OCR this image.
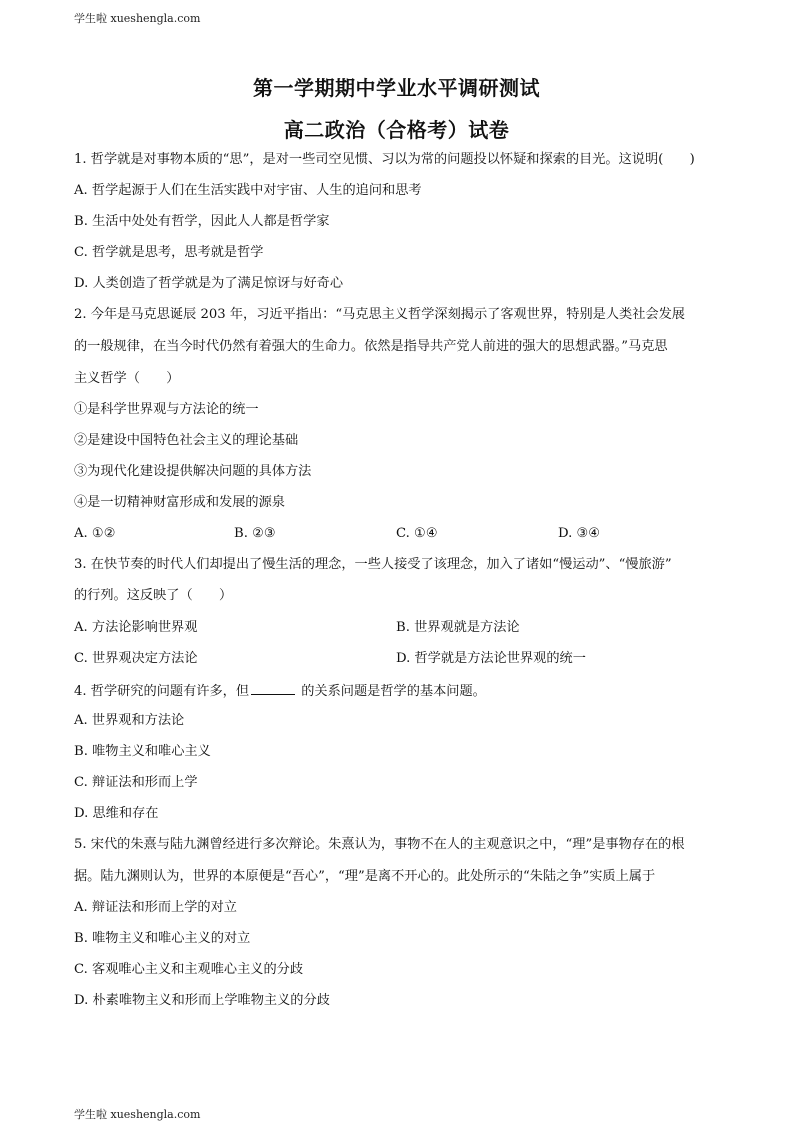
学生啦 xueshengla.com
第一学期期中学业水平调研测试
高二政治（合格考）试卷
1. 哲学就是对事物本质的“思”，是对一些司空见惯、习以为常的问题投以怀疑和探索的目光。这说明(　　)
A. 哲学起源于人们在生活实践中对宇宙、人生的追问和思考
B. 生活中处处有哲学，因此人人都是哲学家
C. 哲学就是思考，思考就是哲学
D. 人类创造了哲学就是为了满足惊讶与好奇心
2. 今年是马克思诞辰 203 年，习近平指出：“马克思主义哲学深刻揭示了客观世界，特别是人类社会发展
的一般规律，在当今时代仍然有着强大的生命力。依然是指导共产党人前进的强大的思想武器。”马克思
主义哲学（　　）
①是科学世界观与方法论的统一
②是建设中国特色社会主义的理论基础
③为现代化建设提供解决问题的具体方法
④是一切精神财富形成和发展的源泉
A. ①②	B. ②③	C. ①④	D. ③④
3. 在快节奏的时代人们却提出了慢生活的理念，一些人接受了该理念，加入了诸如“慢运动”、“慢旅游”
的行列。这反映了（　　）
A. 方法论影响世界观	B. 世界观就是方法论
C. 世界观决定方法论	D. 哲学就是方法论世界观的统一
4. 哲学研究的问题有许多，但	的关系问题是哲学的基本问题。
A. 世界观和方法论
B. 唯物主义和唯心主义
C. 辩证法和形而上学
D. 思维和存在
5. 宋代的朱熹与陆九渊曾经进行多次辩论。朱熹认为，事物不在人的主观意识之中，“理”是事物存在的根
据。陆九渊则认为，世界的本原便是“吾心”，“理”是离不开心的。此处所示的“朱陆之争”实质上属于
A. 辩证法和形而上学的对立
B. 唯物主义和唯心主义的对立
C. 客观唯心主义和主观唯心主义的分歧
D. 朴素唯物主义和形而上学唯物主义的分歧
学生啦 xueshengla.com
